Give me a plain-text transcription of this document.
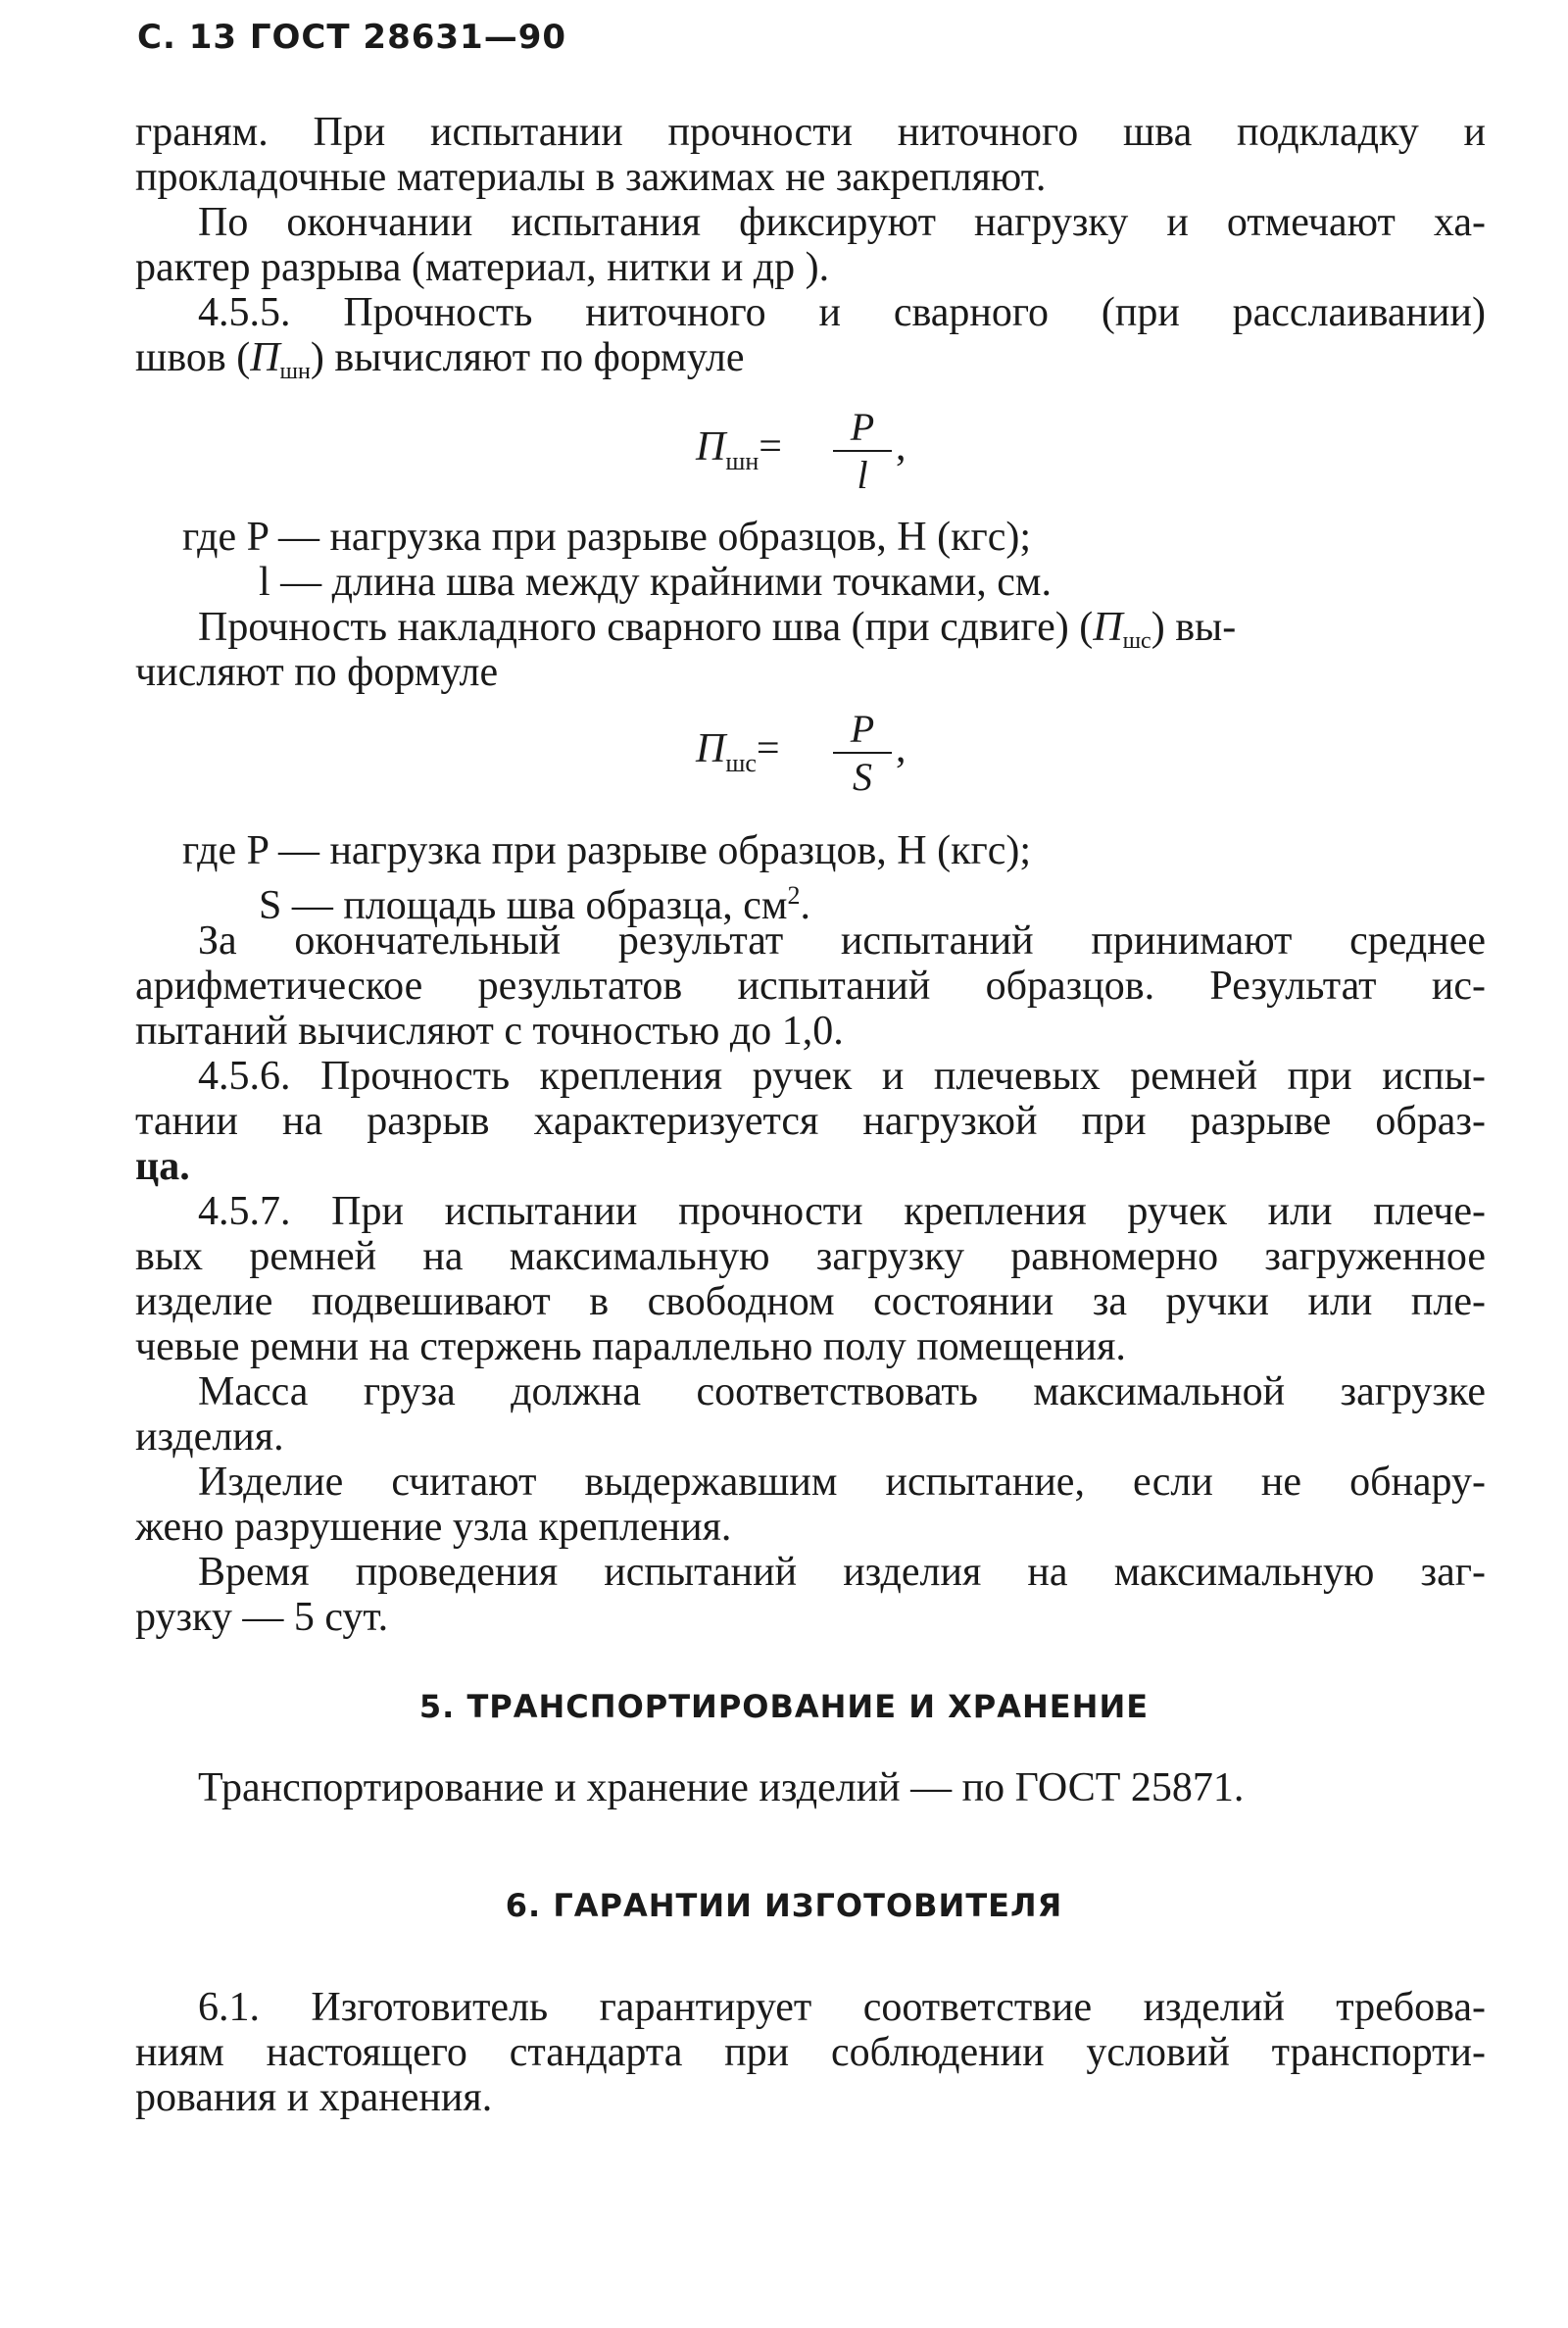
С. 13 ГОСТ 28631—90
граням. При испытании прочности ниточного шва подкладку и
прокладочные материалы в зажимах не закрепляют.
По окончании испытания фиксируют нагрузку и отмечают ха-
рактер разрыва (материал, нитки и др ).
4.5.5. Прочность ниточного и сварного (при расслаивании)
швов (Пшн) вычисляют по формуле
$П_{шн}=$	P
l
,
где P — нагрузка при разрыве образцов, Н (кгс);
l — длина шва между крайними точками, см.
Прочность накладного сварного шва (при сдвиге) (Пшс) вы-
числяют по формуле
$П_{шс}=$	P
S
,
где P — нагрузка при разрыве образцов, Н (кгс);
S — площадь шва образца, $см^2$.
За окончательный результат испытаний принимают среднее
арифметическое результатов испытаний образцов. Результат ис-
пытаний вычисляют с точностью до 1,0.
4.5.6. Прочность крепления ручек и плечевых ремней при испы-
тании на разрыв характеризуется нагрузкой при разрыве образ-
ца.
4.5.7. При испытании прочности крепления ручек или плече-
вых ремней на максимальную загрузку равномерно загруженное
изделие подвешивают в свободном состоянии за ручки или пле-
чевые ремни на стержень параллельно полу помещения.
Масса груза должна соответствовать максимальной загрузке
изделия.
Изделие считают выдержавшим испытание, если не обнару-
жено разрушение узла крепления.
Время проведения испытаний изделия на максимальную заг-
рузку — 5 сут.
5. ТРАНСПОРТИРОВАНИЕ И ХРАНЕНИЕ
Транспортирование и хранение изделий — по ГОСТ 25871.
6. ГАРАНТИИ ИЗГОТОВИТЕЛЯ
6.1. Изготовитель гарантирует соответствие изделий требова-
ниям настоящего стандарта при соблюдении условий транспорти-
рования и хранения.
